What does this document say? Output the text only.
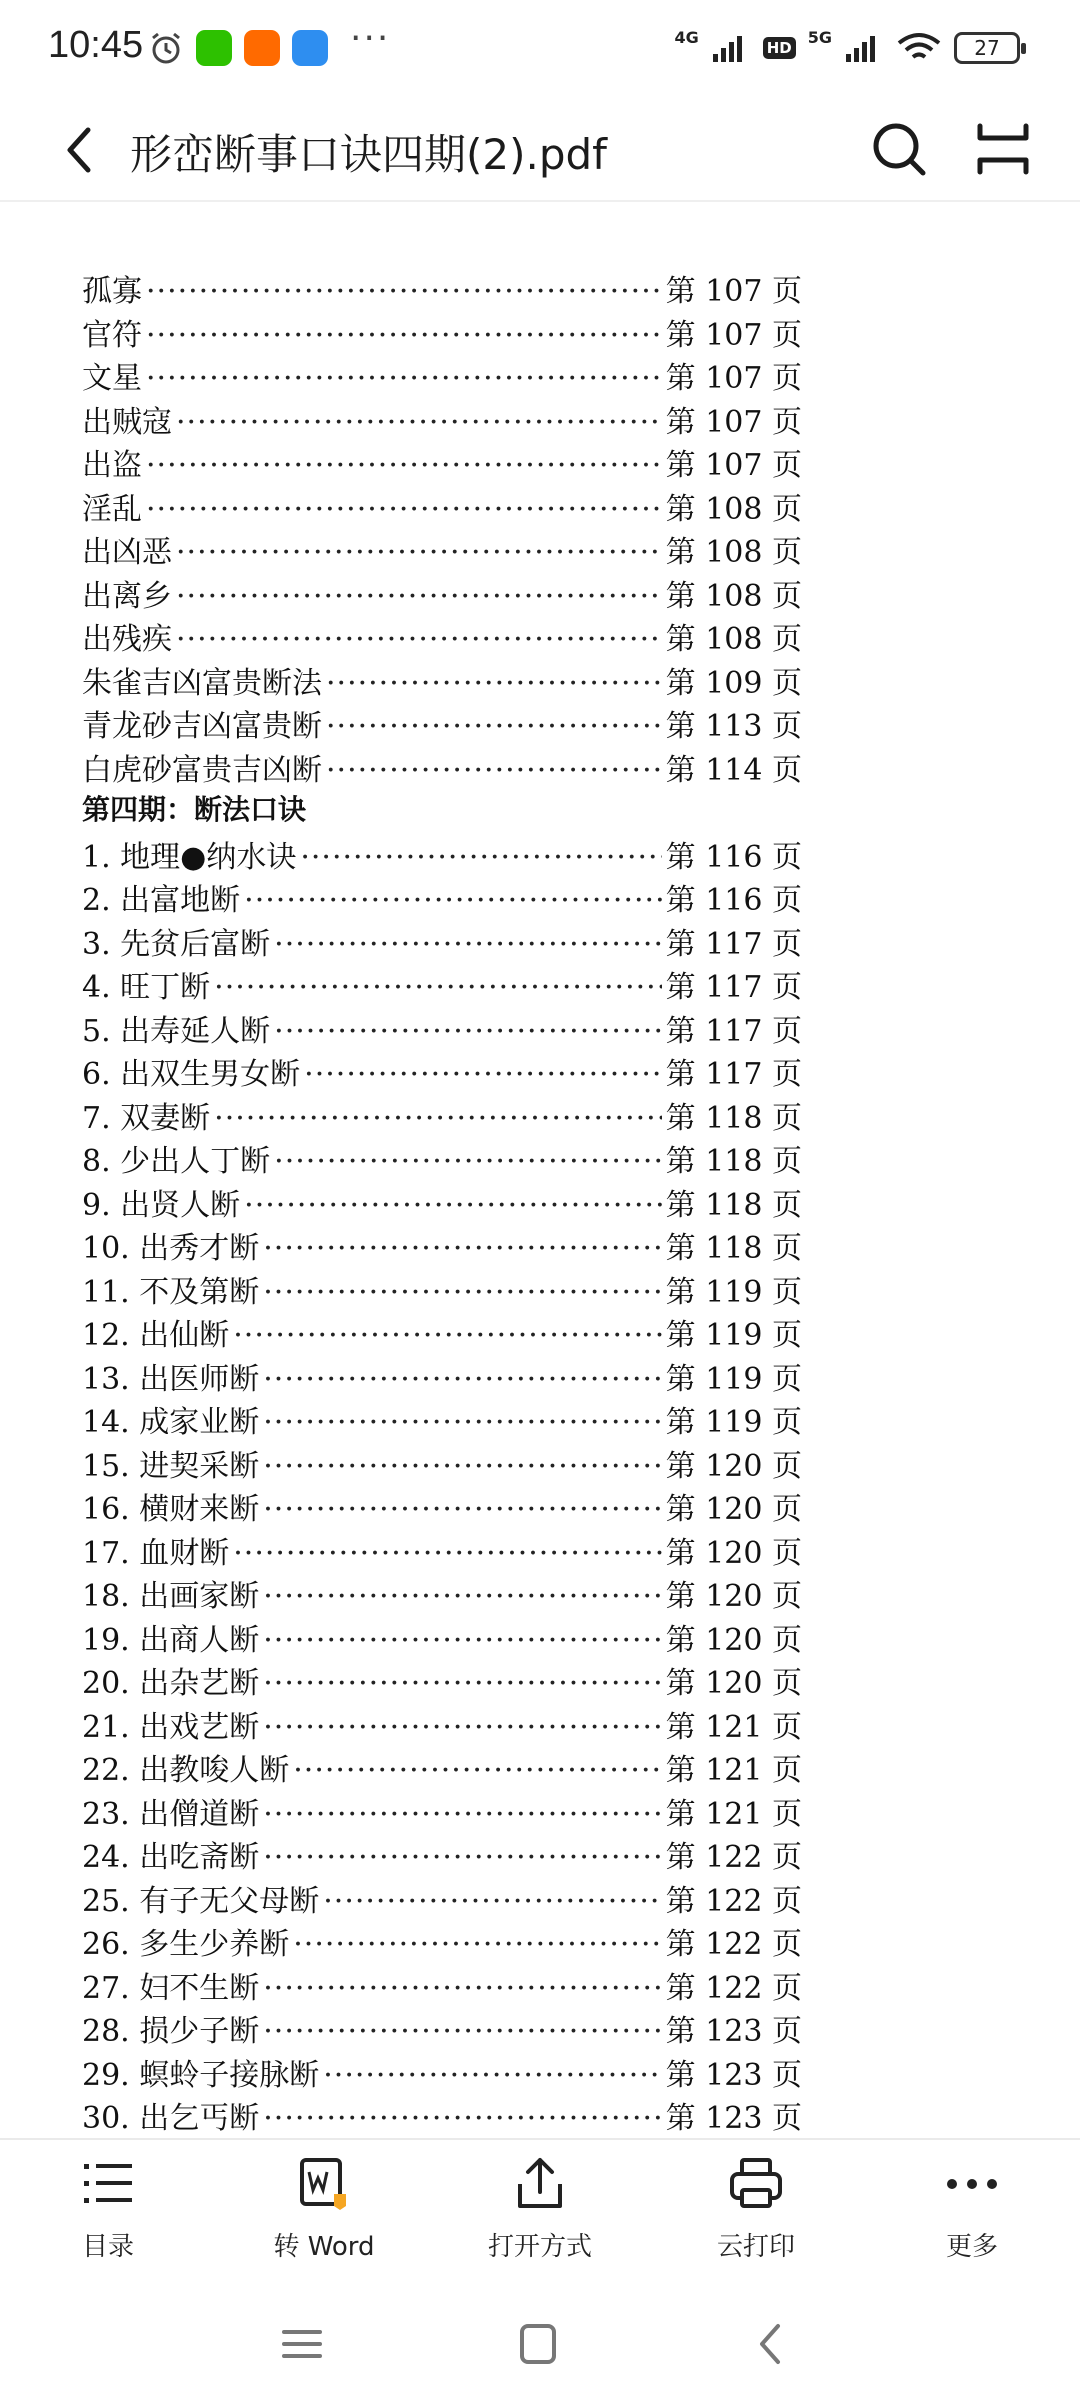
10:45	···	4G
HD
5G	27
形峦断事口诀四期(2).pdf
孤寡 ·····	第 107 页
官符 ·····	第 107 页
文星 ·····	第 107 页
出贼寇 ·····	第 107 页
出盗 ·····	第 107 页
淫乱 ·····	第 108 页
出凶恶 ·····	第 108 页
出离乡 ·····	第 108 页
出残疾 ·····	第 108 页
朱雀吉凶富贵断法 ·····	第 109 页
青龙砂吉凶富贵断 ·····	第 113 页
白虎砂富贵吉凶断 ·····	第 114 页
第四期：断法口诀
1. 地理●纳水诀 ·····	第 116 页
2. 出富地断 ·····	第 116 页
3. 先贫后富断 ·····	第 117 页
4. 旺丁断 ·····	第 117 页
5. 出寿延人断 ·····	第 117 页
6. 出双生男女断 ·····	第 117 页
7. 双妻断 ·····	第 118 页
8. 少出人丁断 ·····	第 118 页
9. 出贤人断 ·····	第 118 页
10. 出秀才断 ·····	第 118 页
11. 不及第断 ·····	第 119 页
12. 出仙断 ·····	第 119 页
13. 出医师断 ·····	第 119 页
14. 成家业断 ·····	第 119 页
15. 进契采断 ·····	第 120 页
16. 横财来断 ·····	第 120 页
17. 血财断 ·····	第 120 页
18. 出画家断 ·····	第 120 页
19. 出商人断 ·····	第 120 页
20. 出杂艺断 ·····	第 120 页
21. 出戏艺断 ·····	第 121 页
22. 出教唆人断 ·····	第 121 页
23. 出僧道断 ·····	第 121 页
24. 出吃斋断 ·····	第 122 页
25. 有子无父母断 ·····	第 122 页
26. 多生少养断 ·····	第 122 页
27. 妇不生断 ·····	第 122 页
28. 损少子断 ·····	第 123 页
29. 螟蛉子接脉断 ·····	第 123 页
30. 出乞丐断 ·····	第 123 页
目录	转 Word	打开方式	云打印	更多
